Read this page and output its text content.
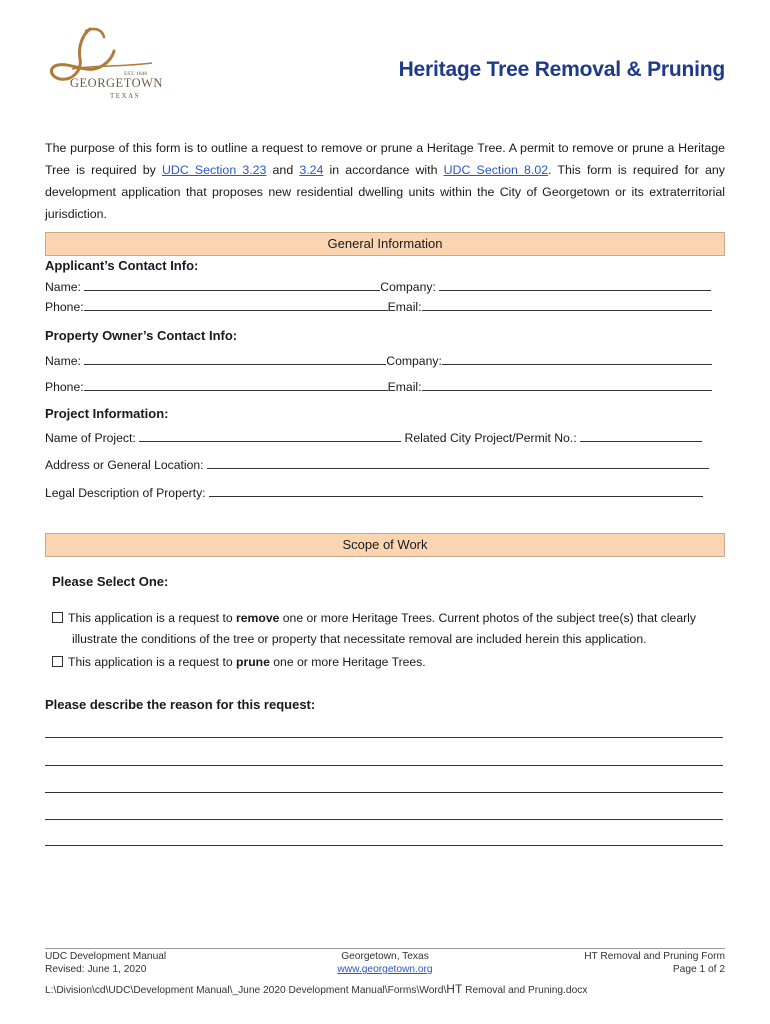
EST. 1848
GEORGETOWN
TEXAS
Heritage Tree Removal & Pruning
The purpose of this form is to outline a request to remove or prune a Heritage Tree. A permit to remove or prune a Heritage Tree is required by UDC Section 3.23 and 3.24 in accordance with UDC Section 8.02. This form is required for any development application that proposes new residential dwelling units within the City of Georgetown or its extraterritorial jurisdiction.
General Information
Applicant’s Contact Info:
Name:	Company:
Phone:	Email:
Property Owner’s Contact Info:
Name:	Company:
Phone:	Email:
Project Information:
Name of Project:	Related City Project/Permit No.:
Address or General Location:
Legal Description of Property:
Scope of Work
Please Select One:
This application is a request to remove one or more Heritage Trees. Current photos of the subject tree(s) that clearly
illustrate the conditions of the tree or property that necessitate removal are included herein this application.
This application is a request to prune one or more Heritage Trees.
Please describe the reason for this request:
UDC Development Manual
Revised: June 1, 2020
Georgetown, Texas
www.georgetown.org
HT Removal and Pruning Form
Page 1 of 2
L:\Division\cd\UDC\Development Manual\_June 2020 Development Manual\Forms\Word\HT Removal and Pruning.docx
